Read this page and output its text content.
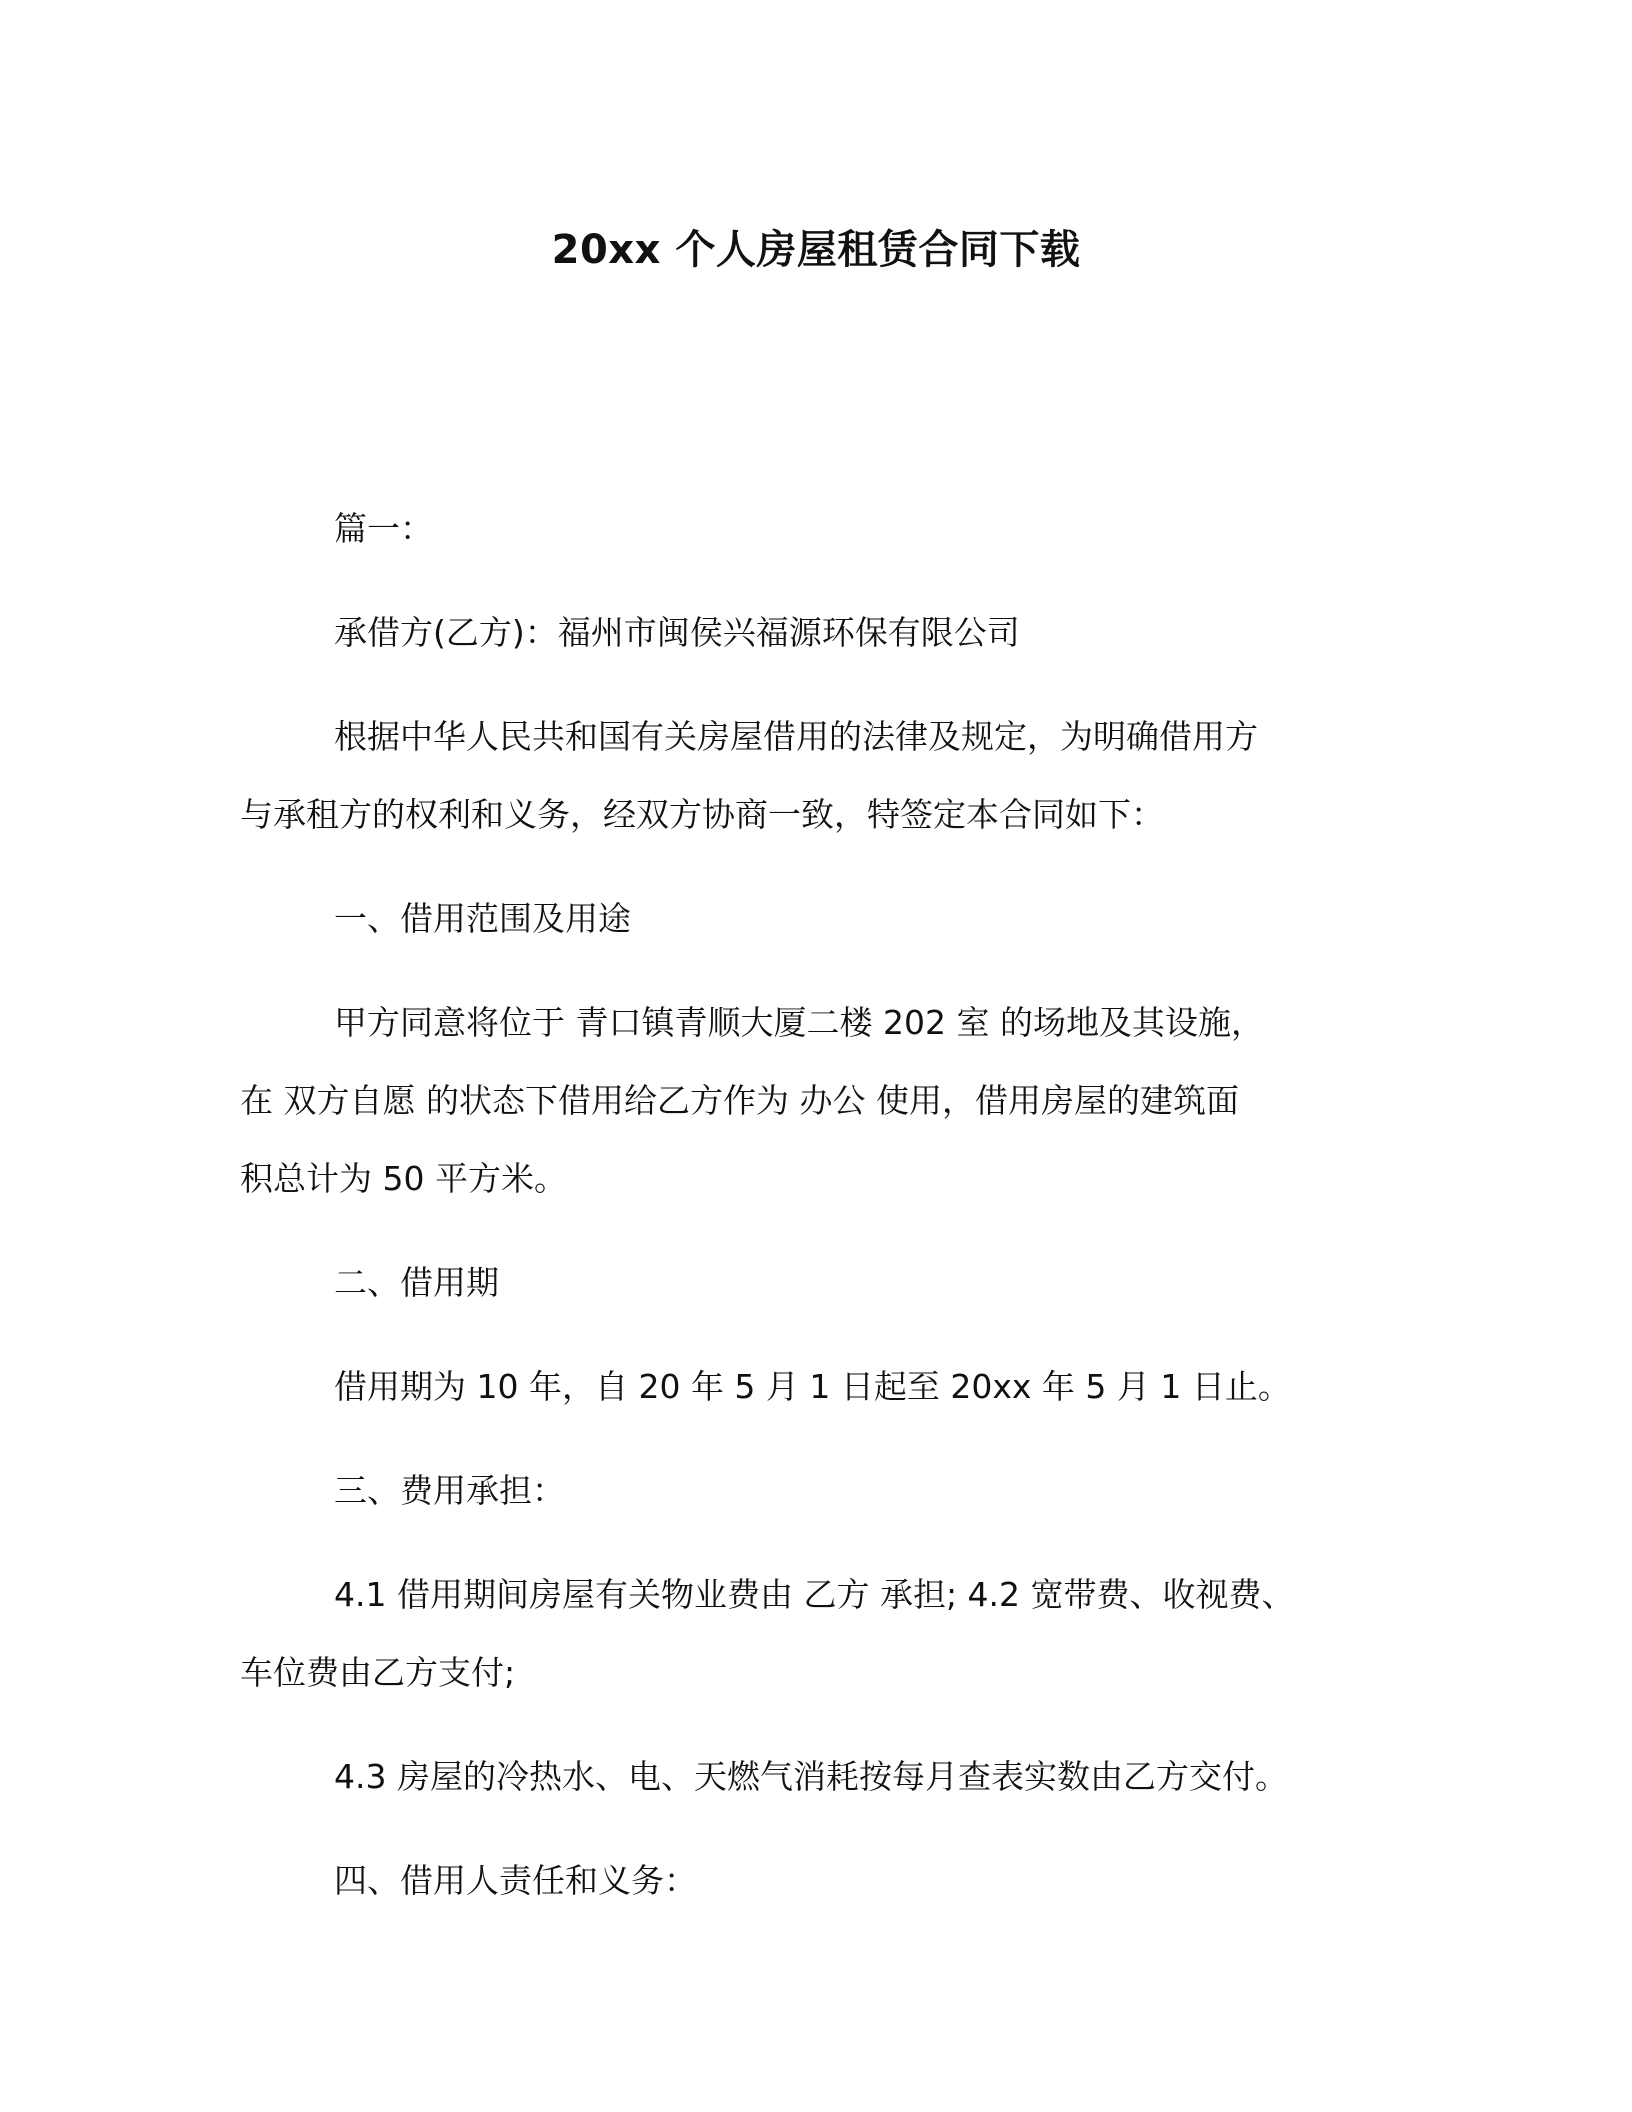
20xx 个人房屋租赁合同下载

篇一：

承借方(乙方)：福州市闽侯兴福源环保有限公司

根据中华人民共和国有关房屋借用的法律及规定，为明确借用方
与承租方的权利和义务，经双方协商一致，特签定本合同如下：

一、借用范围及用途

甲方同意将位于 青口镇青顺大厦二楼 202 室 的场地及其设施，
在 双方自愿 的状态下借用给乙方作为 办公 使用，借用房屋的建筑面
积总计为 50 平方米。

二、借用期

借用期为 10 年，自 20 年 5 月 1 日起至 20xx 年 5 月 1 日止。

三、费用承担：

4.1 借用期间房屋有关物业费由 乙方 承担; 4.2 宽带费、收视费、
车位费由乙方支付;

4.3 房屋的冷热水、电、天燃气消耗按每月查表实数由乙方交付。

四、借用人责任和义务：
